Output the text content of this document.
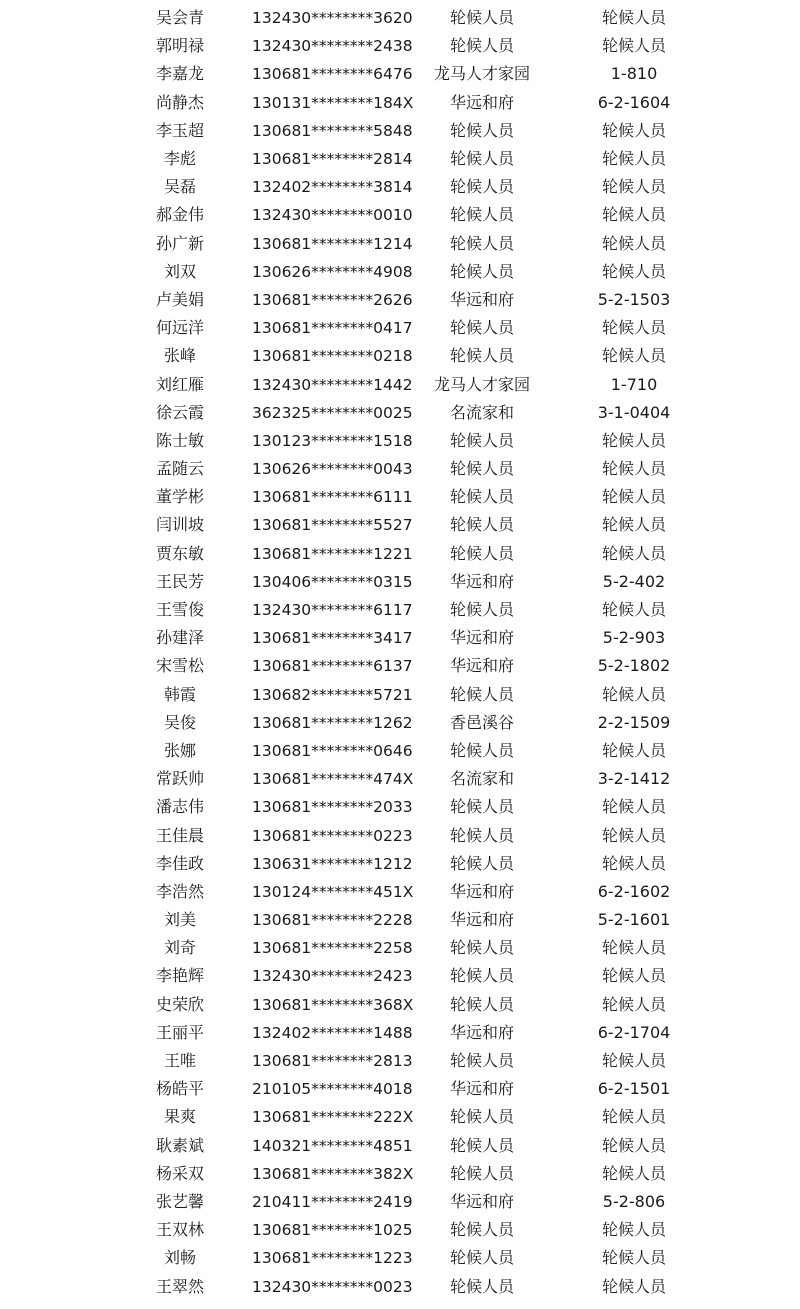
吴会青	132430********3620	轮候人员	轮候人员
郭明禄	132430********2438	轮候人员	轮候人员
李嘉龙	130681********6476	龙马人才家园	1-810
尚静杰	130131********184X	华远和府	6-2-1604
李玉超	130681********5848	轮候人员	轮候人员
李彪	130681********2814	轮候人员	轮候人员
吴磊	132402********3814	轮候人员	轮候人员
郝金伟	132430********0010	轮候人员	轮候人员
孙广新	130681********1214	轮候人员	轮候人员
刘双	130626********4908	轮候人员	轮候人员
卢美娟	130681********2626	华远和府	5-2-1503
何远洋	130681********0417	轮候人员	轮候人员
张峰	130681********0218	轮候人员	轮候人员
刘红雁	132430********1442	龙马人才家园	1-710
徐云霞	362325********0025	名流家和	3-1-0404
陈士敏	130123********1518	轮候人员	轮候人员
孟随云	130626********0043	轮候人员	轮候人员
董学彬	130681********6111	轮候人员	轮候人员
闫训坡	130681********5527	轮候人员	轮候人员
贾东敏	130681********1221	轮候人员	轮候人员
王民芳	130406********0315	华远和府	5-2-402
王雪俊	132430********6117	轮候人员	轮候人员
孙建泽	130681********3417	华远和府	5-2-903
宋雪松	130681********6137	华远和府	5-2-1802
韩霞	130682********5721	轮候人员	轮候人员
吴俊	130681********1262	香邑溪谷	2-2-1509
张娜	130681********0646	轮候人员	轮候人员
常跃帅	130681********474X	名流家和	3-2-1412
潘志伟	130681********2033	轮候人员	轮候人员
王佳晨	130681********0223	轮候人员	轮候人员
李佳政	130631********1212	轮候人员	轮候人员
李浩然	130124********451X	华远和府	6-2-1602
刘美	130681********2228	华远和府	5-2-1601
刘奇	130681********2258	轮候人员	轮候人员
李艳辉	132430********2423	轮候人员	轮候人员
史荣欣	130681********368X	轮候人员	轮候人员
王丽平	132402********1488	华远和府	6-2-1704
王唯	130681********2813	轮候人员	轮候人员
杨皓平	210105********4018	华远和府	6-2-1501
果爽	130681********222X	轮候人员	轮候人员
耿素斌	140321********4851	轮候人员	轮候人员
杨采双	130681********382X	轮候人员	轮候人员
张艺馨	210411********2419	华远和府	5-2-806
王双林	130681********1025	轮候人员	轮候人员
刘畅	130681********1223	轮候人员	轮候人员
王翠然	132430********0023	轮候人员	轮候人员
